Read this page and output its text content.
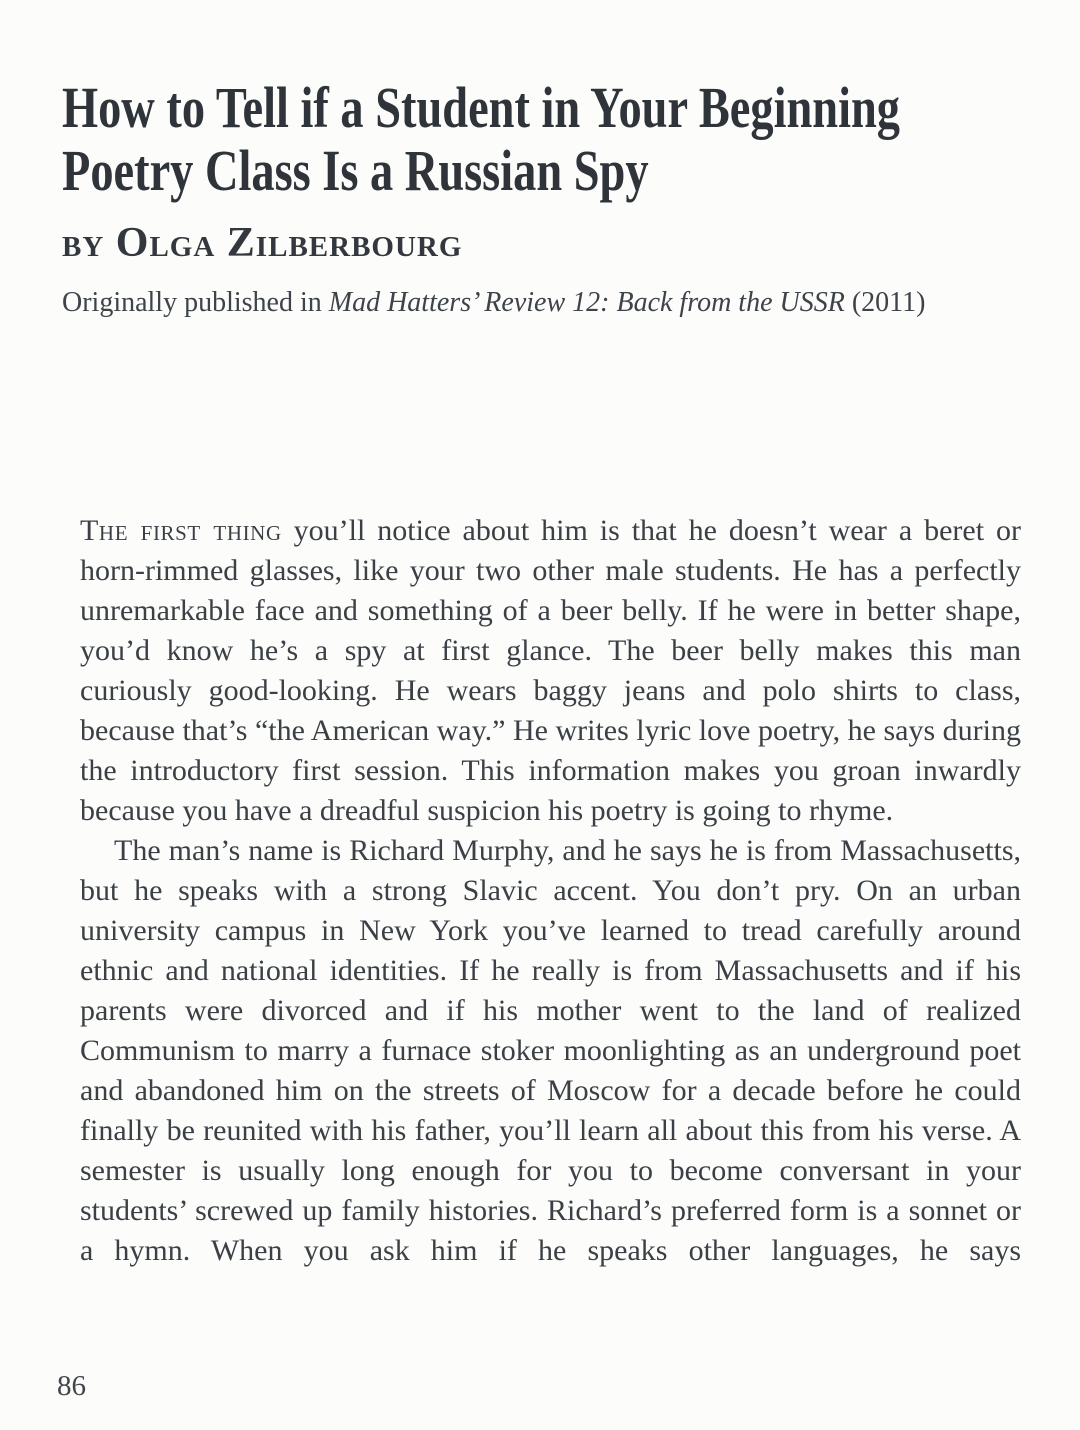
How to Tell if a Student in Your Beginning
Poetry Class Is a Russian Spy
by Olga Zilberbourg

Originally published in Mad Hatters’ Review 12: Back from the USSR (2011)

The first thing you’ll notice about him is that he doesn’t wear a beret or horn-rimmed glasses, like your two other male students. He has a perfectly unremarkable face and something of a beer belly. If he were in better shape, you’d know he’s a spy at first glance. The beer belly makes this man curiously good-looking. He wears baggy jeans and polo shirts to class, because that’s “the American way.” He writes lyric love poetry, he says during the introductory first session. This information makes you groan inwardly because you have a dreadful suspicion his poetry is going to rhyme.

The man’s name is Richard Murphy, and he says he is from Massachusetts, but he speaks with a strong Slavic accent. You don’t pry. On an urban university campus in New York you’ve learned to tread carefully around ethnic and national identities. If he really is from Massachusetts and if his parents were divorced and if his mother went to the land of realized Communism to marry a furnace stoker moonlighting as an underground poet and abandoned him on the streets of Moscow for a decade before he could finally be reunited with his father, you’ll learn all about this from his verse. A semester is usually long enough for you to become conversant in your students’ screwed up family histories. Richard’s preferred form is a sonnet or a hymn. When you ask him if he speaks other languages, he says

86
